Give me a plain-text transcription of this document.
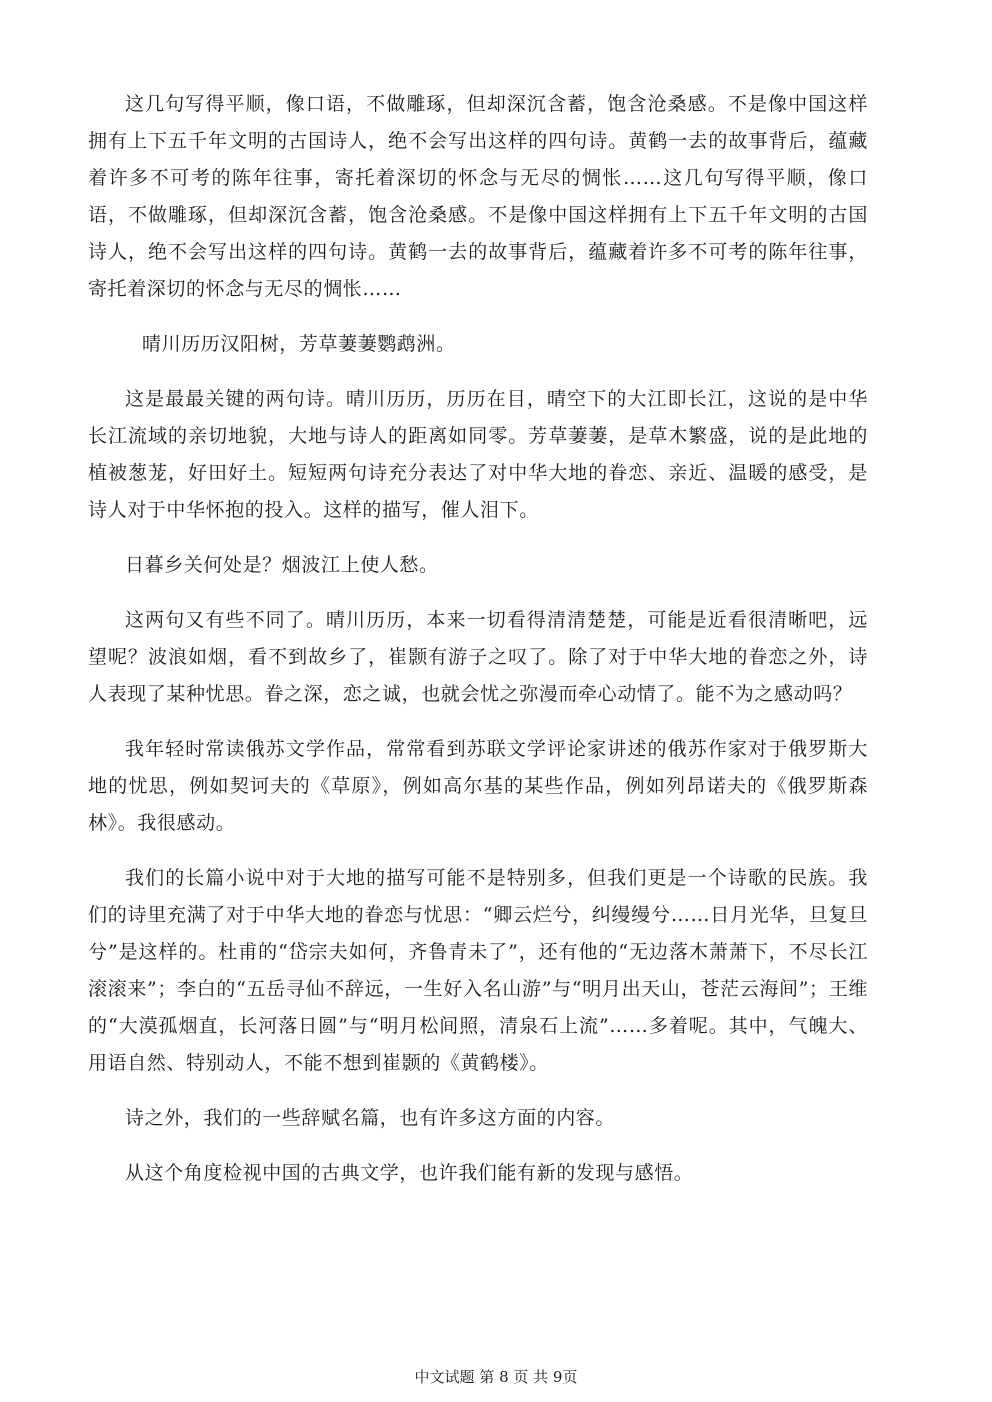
这几句写得平顺，像口语，不做雕琢，但却深沉含蓄，饱含沧桑感。不是像中国这样拥有上下五千年文明的古国诗人，绝不会写出这样的四句诗。黄鹤一去的故事背后，蕴藏着许多不可考的陈年往事，寄托着深切的怀念与无尽的惆怅……这几句写得平顺，像口语，不做雕琢，但却深沉含蓄，饱含沧桑感。不是像中国这样拥有上下五千年文明的古国诗人，绝不会写出这样的四句诗。黄鹤一去的故事背后，蕴藏着许多不可考的陈年往事，寄托着深切的怀念与无尽的惆怅……

晴川历历汉阳树，芳草萋萋鹦鹉洲。

这是最最关键的两句诗。晴川历历，历历在目，晴空下的大江即长江，这说的是中华长江流域的亲切地貌，大地与诗人的距离如同零。芳草萋萋，是草木繁盛，说的是此地的植被葱茏，好田好土。短短两句诗充分表达了对中华大地的眷恋、亲近、温暖的感受，是诗人对于中华怀抱的投入。这样的描写，催人泪下。

日暮乡关何处是？烟波江上使人愁。

这两句又有些不同了。晴川历历，本来一切看得清清楚楚，可能是近看很清晰吧，远望呢？波浪如烟，看不到故乡了，崔颢有游子之叹了。除了对于中华大地的眷恋之外，诗人表现了某种忧思。眷之深，恋之诚，也就会忧之弥漫而牵心动情了。能不为之感动吗？

我年轻时常读俄苏文学作品，常常看到苏联文学评论家讲述的俄苏作家对于俄罗斯大地的忧思，例如契诃夫的《草原》，例如高尔基的某些作品，例如列昂诺夫的《俄罗斯森林》。我很感动。

我们的长篇小说中对于大地的描写可能不是特别多，但我们更是一个诗歌的民族。我们的诗里充满了对于中华大地的眷恋与忧思：“卿云烂兮，纠缦缦兮……日月光华，旦复旦兮”是这样的。杜甫的“岱宗夫如何，齐鲁青未了”，还有他的“无边落木萧萧下，不尽长江滚滚来”；李白的“五岳寻仙不辞远，一生好入名山游”与“明月出天山，苍茫云海间”；王维的“大漠孤烟直，长河落日圆”与“明月松间照，清泉石上流”……多着呢。其中，气魄大、用语自然、特别动人，不能不想到崔颢的《黄鹤楼》。

诗之外，我们的一些辞赋名篇，也有许多这方面的内容。

从这个角度检视中国的古典文学，也许我们能有新的发现与感悟。

中文试题 第 8 页 共 9页
